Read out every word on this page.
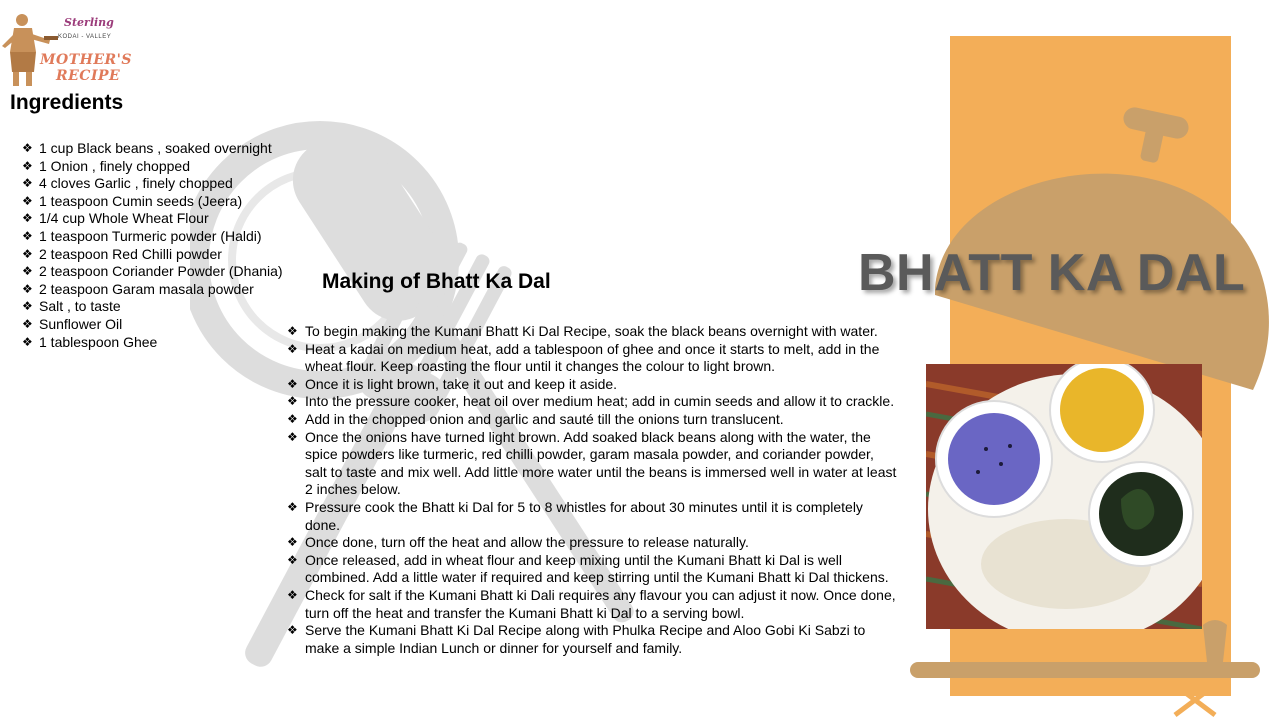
Sterling
KODAI - VALLEY
MOTHER'S
RECIPE
Ingredients
❖ 1 cup Black beans , soaked overnight
❖ 1 Onion , finely chopped
❖ 4 cloves Garlic , finely chopped
❖ 1 teaspoon Cumin seeds (Jeera)
❖ 1/4 cup Whole Wheat Flour
❖ 1 teaspoon Turmeric powder (Haldi)
❖ 2 teaspoon Red Chilli powder
❖ 2 teaspoon Coriander Powder (Dhania)
❖ 2 teaspoon Garam masala powder
❖ Salt , to taste
❖ Sunflower Oil
❖ 1 tablespoon Ghee
Making of Bhatt Ka Dal
❖ To begin making the Kumani Bhatt Ki Dal Recipe, soak the black beans overnight with water.
❖ Heat a kadai on medium heat, add a tablespoon of ghee and once it starts to melt, add in the wheat flour. Keep roasting the flour until it changes the colour to light brown.
❖ Once it is light brown, take it out and keep it aside.
❖ Into the pressure cooker, heat oil over medium heat; add in cumin seeds and allow it to crackle.
❖ Add in the chopped onion and garlic and sauté till the onions turn translucent.
❖ Once the onions have turned light brown. Add soaked black beans along with the water, the spice powders like turmeric, red chilli powder, garam masala powder, and coriander powder, salt to taste and mix well. Add little more water until the beans is immersed well in water at least 2 inches below.
❖ Pressure cook the Bhatt ki Dal for 5 to 8 whistles for about 30 minutes until it is completely done.
❖ Once done, turn off the heat and allow the pressure to release naturally.
❖ Once released, add in wheat flour and keep mixing until the Kumani Bhatt ki Dal is well combined. Add a little water if required and keep stirring until the Kumani Bhatt ki Dal thickens.
❖ Check for salt if the Kumani Bhatt ki Dali requires any flavour you can adjust it now. Once done, turn off the heat and transfer the Kumani Bhatt ki Dal to a serving bowl.
❖ Serve the Kumani Bhatt Ki Dal Recipe along with Phulka Recipe and Aloo Gobi Ki Sabzi to make a simple Indian Lunch or dinner for yourself and family.
BHATT KA DAL
